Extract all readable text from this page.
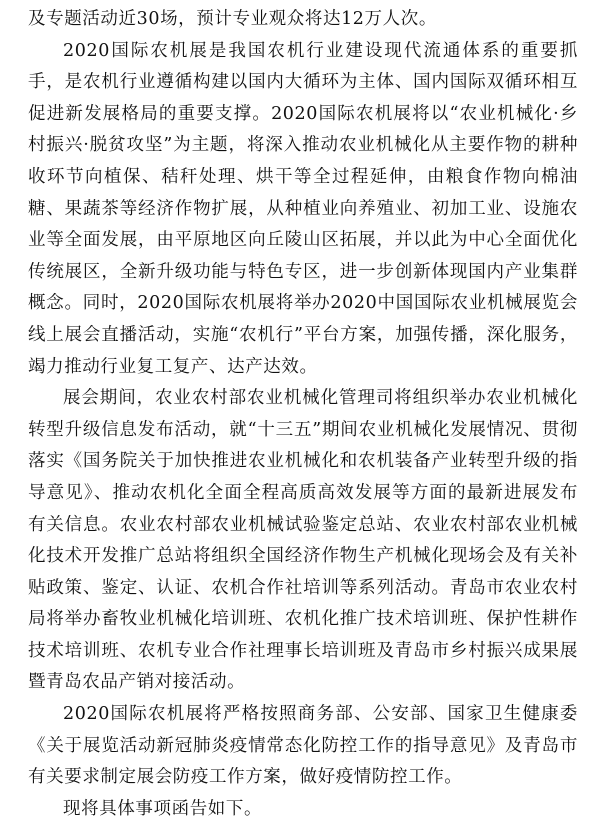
及专题活动近30场，预计专业观众将达12万人次。

2020国际农机展是我国农机行业建设现代流通体系的重要抓手，是农机行业遵循构建以国内大循环为主体、国内国际双循环相互促进新发展格局的重要支撑。2020国际农机展将以“农业机械化·乡村振兴·脱贫攻坚”为主题，将深入推动农业机械化从主要作物的耕种收环节向植保、秸秆处理、烘干等全过程延伸，由粮食作物向棉油糖、果蔬茶等经济作物扩展，从种植业向养殖业、初加工业、设施农业等全面发展，由平原地区向丘陵山区拓展，并以此为中心全面优化传统展区，全新升级功能与特色专区，进一步创新体现国内产业集群概念。同时，2020国际农机展将举办2020中国国际农业机械展览会线上展会直播活动，实施“农机行”平台方案，加强传播，深化服务，竭力推动行业复工复产、达产达效。

展会期间，农业农村部农业机械化管理司将组织举办农业机械化转型升级信息发布活动，就“十三五”期间农业机械化发展情况、贯彻落实《国务院关于加快推进农业机械化和农机装备产业转型升级的指导意见》、推动农机化全面全程高质高效发展等方面的最新进展发布有关信息。农业农村部农业机械试验鉴定总站、农业农村部农业机械化技术开发推广总站将组织全国经济作物生产机械化现场会及有关补贴政策、鉴定、认证、农机合作社培训等系列活动。青岛市农业农村局将举办畜牧业机械化培训班、农机化推广技术培训班、保护性耕作技术培训班、农机专业合作社理事长培训班及青岛市乡村振兴成果展暨青岛农品产销对接活动。

2020国际农机展将严格按照商务部、公安部、国家卫生健康委《关于展览活动新冠肺炎疫情常态化防控工作的指导意见》及青岛市有关要求制定展会防疫工作方案，做好疫情防控工作。

现将具体事项函告如下。
